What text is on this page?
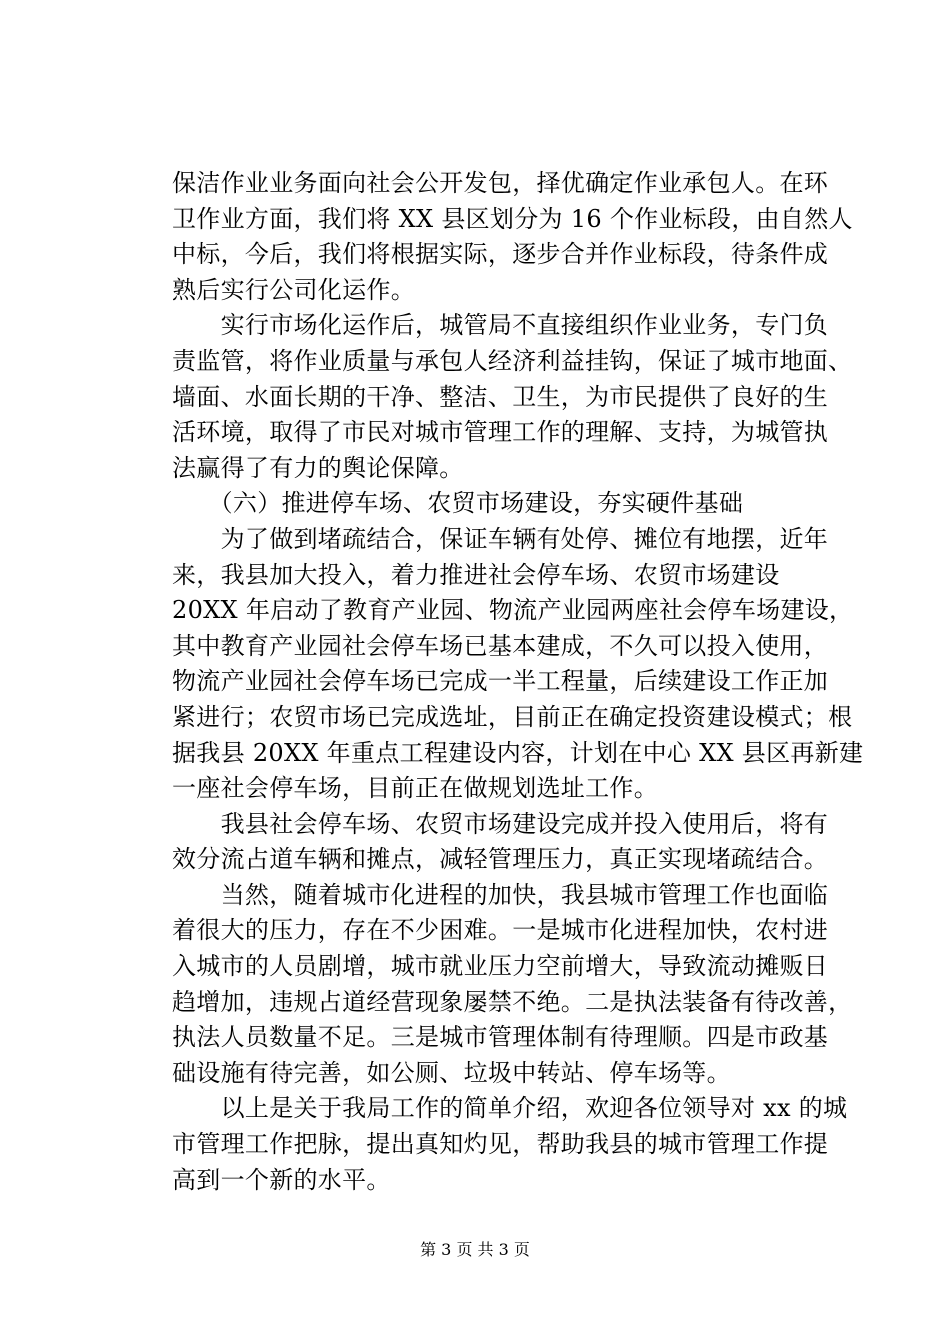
保洁作业业务面向社会公开发包，择优确定作业承包人。在环
卫作业方面，我们将 XX 县区划分为 16 个作业标段，由自然人
中标，今后，我们将根据实际，逐步合并作业标段，待条件成
熟后实行公司化运作。
　　实行市场化运作后，城管局不直接组织作业业务，专门负
责监管，将作业质量与承包人经济利益挂钩，保证了城市地面、
墙面、水面长期的干净、整洁、卫生，为市民提供了良好的生
活环境，取得了市民对城市管理工作的理解、支持，为城管执
法赢得了有力的舆论保障。
　　（六）推进停车场、农贸市场建设，夯实硬件基础
　　为了做到堵疏结合，保证车辆有处停、摊位有地摆，近年
来，我县加大投入，着力推进社会停车场、农贸市场建设
20XX 年启动了教育产业园、物流产业园两座社会停车场建设，
其中教育产业园社会停车场已基本建成，不久可以投入使用，
物流产业园社会停车场已完成一半工程量，后续建设工作正加
紧进行；农贸市场已完成选址，目前正在确定投资建设模式；根
据我县 20XX 年重点工程建设内容，计划在中心 XX 县区再新建
一座社会停车场，目前正在做规划选址工作。
　　我县社会停车场、农贸市场建设完成并投入使用后，将有
效分流占道车辆和摊点，减轻管理压力，真正实现堵疏结合。
　　当然，随着城市化进程的加快，我县城市管理工作也面临
着很大的压力，存在不少困难。一是城市化进程加快，农村进
入城市的人员剧增，城市就业压力空前增大，导致流动摊贩日
趋增加，违规占道经营现象屡禁不绝。二是执法装备有待改善，
执法人员数量不足。三是城市管理体制有待理顺。四是市政基
础设施有待完善，如公厕、垃圾中转站、停车场等。
　　以上是关于我局工作的简单介绍，欢迎各位领导对 xx 的城
市管理工作把脉，提出真知灼见，帮助我县的城市管理工作提
高到一个新的水平。
第 3 页 共 3 页
